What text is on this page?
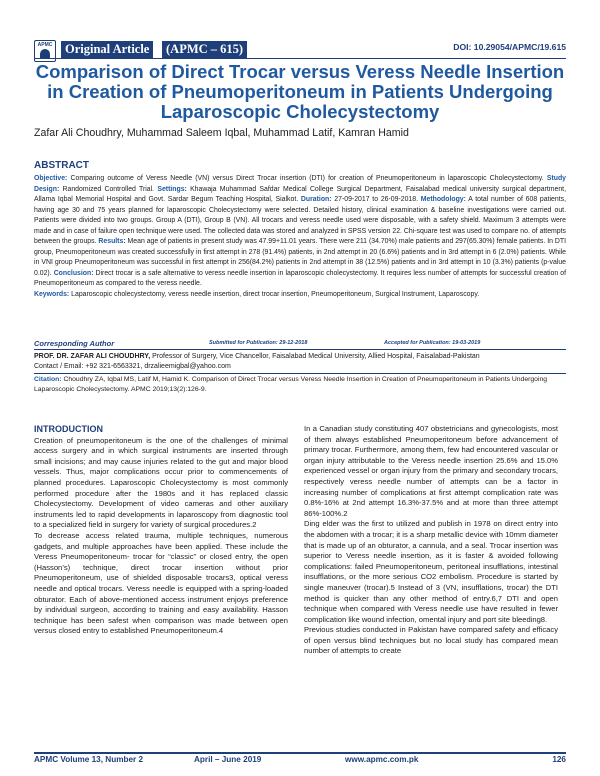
APMC	Original Article	(APMC – 615)	DOI: 10.29054/APMC/19.615
Comparison of Direct Trocar versus Veress Needle Insertion in Creation of Pneumoperitoneum in Patients Undergoing Laparoscopic Cholecystectomy
Zafar Ali Choudhry, Muhammad Saleem Iqbal, Muhammad Latif, Kamran Hamid
ABSTRACT
Objective: Comparing outcome of Veress Needle (VN) versus Direct Trocar insertion (DTI) for creation of Pneumoperitoneum in laparoscopic Cholecystectomy. Study Design: Randomized Controlled Trial. Settings: Khawaja Muhammad Safdar Medical College Surgical Department, Faisalabad medical university surgical department, Allama Iqbal Memorial Hospital and Govt. Sardar Begum Teaching Hospital, Sialkot. Duration: 27-09-2017 to 26-09-2018. Methodology: A total number of 608 patients, having age 30 and 75 years planned for laparoscopic Cholecystectomy were selected. Detailed history, clinical examination & baseline investigations were carried out. Patients were divided into two groups. Group A (DTI), Group B (VN). All trocars and veress needle used were disposable, with a safety shield. Maximum 3 attempts were made and in case of failure open technique were used. The collected data was stored and analyzed in SPSS version 22. Chi-square test was used to compare no. of attempts between the groups. Results: Mean age of patients in present study was 47.99+11.01 years. There were 211 (34.70%) male patients and 297(65.30%) female patients. In DTI group, Pneumoperitoneum was created successfully in first attempt in 278 (91.4%) patients, in 2nd attempt in 20 (6.6%) patients and in 3rd attempt in 6 (2.0%) patients. While in VNI group Pneumoperitoneum was successful in first attempt in 256(84.2%) patients in 2nd attempt in 38 (12.5%) patients and in 3rd attempt in 10 (3.3%) patients (p-value 0.02). Conclusion: Direct trocar is a safe alternative to veress needle insertion in laparoscopic cholecystectomy. It requires less number of attempts for successful creation of Pneumoperitoneum as compared to the veress needle.
Keywords: Laparoscopic cholecystectomy, veress needle insertion, direct trocar insertion, Pneumoperitoneum, Surgical Instrument, Laparoscopy.
Corresponding Author	Submitted for Publication: 29-12-2018	Accepted for Publication: 19-03-2019
PROF. DR. ZAFAR ALI CHOUDHRY, Professor of Surgery, Vice Chancellor, Faisalabad Medical University, Allied Hospital, Faisalabad-Pakistan
Contact / Email: +92 321-6563321, drzalieemigbal@yahoo.com
Citation: Choudhry ZA, Iqbal MS, Latif M, Hamid K. Comparison of Direct Trocar versus Veress Needle Insertion in Creation of Pneumoperitoneum in Patients Undergoing Laparoscopic Cholecystectomy. APMC 2019;13(2):126-9.
INTRODUCTION

Creation of pneumoperitoneum is the one of the challenges of minimal access surgery and in which surgical instruments are inserted through small incisions; and may cause injuries related to the gut and major blood vessels. Thus, major complications occur prior to commencements of planned procedures. Laparoscopic Cholecystectomy is most commonly performed procedure after the 1980s and it has replaced classic Cholecystectomy. Development of video cameras and other auxiliary instruments led to rapid developments in laparoscopy from diagnostic tool to a specialized field in surgery for variety of surgical procedures.2

To decrease access related trauma, multiple techniques, numerous gadgets, and multiple approaches have been applied. These include the Veress Pneumoperitoneum- trocar for “classic” or closed entry, the open (Hasson’s) technique, direct trocar insertion without prior Pneumoperitoneum, use of shielded disposable trocars3, optical veress needle and optical trocars. Veress needle is equipped with a spring-loaded obturator. Each of above-mentioned access instrument enjoys preference by individual surgeon, according to training and easy availability. Hasson technique has been safest when comparison was made between open versus closed entry to established Pneumoperitoneum.4

In a Canadian study constituting 407 obstetricians and gynecologists, most of them always established Pneumoperitoneum before advancement of primary trocar. Furthermore, among them, few had encountered vascular or organ injury attributable to the Veress needle insertion 25.6% and 15.0% experienced vessel or organ injury from the primary and secondary trocars, respectively veress needle number of attempts can be a factor in increasing number of complications at first attempt complication rate was 0.8%-16% at 2nd attempt 16.3%-37.5% and at more than three attempt 86%-100%.2

Ding elder was the first to utilized and publish in 1978 on direct entry into the abdomen with a trocar; it is a sharp metallic device with 10mm diameter that is made up of an obturator, a cannula, and a seal. Trocar insertion was superior to Veress needle insertion, as it is faster & avoided following complications: failed Pneumoperitoneum, peritoneal insufflations, intestinal insufflations, or the more serious CO2 embolism. Procedure is started by single maneuver (trocar).5 Instead of 3 (VN, insufflations, trocar) the DTI method is quicker than any other method of entry.6,7 DTI and open technique when compared with Veress needle use have resulted in fewer complication like wound infection, omental injury and port site bleeding8.

Previous studies conducted in Pakistan have compared safety and efficacy of open versus blind techniques but no local study has compared mean number of attempts to create

APMC Volume 13, Number 2	April – June 2019	www.apmc.com.pk	126
